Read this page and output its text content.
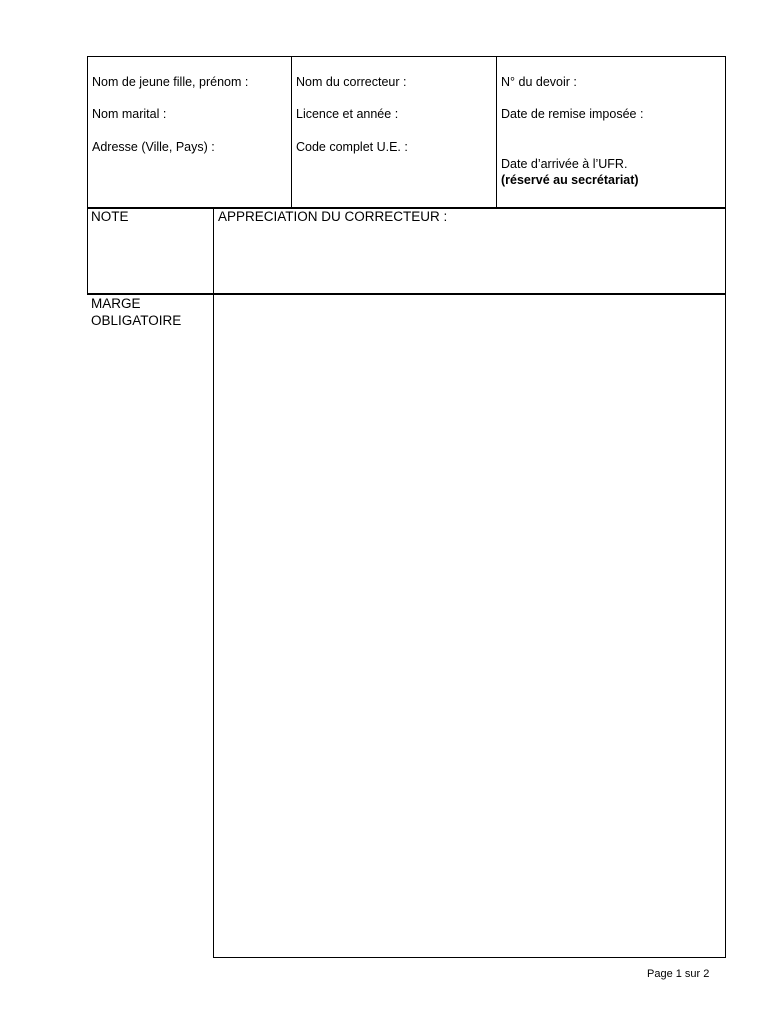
Nom de jeune fille, prénom :
Nom marital :
Adresse (Ville, Pays) :
Nom du correcteur :
Licence et année :
Code complet U.E. :
N° du devoir :
Date de remise imposée :
Date d’arrivée à l’UFR.
(réservé au secrétariat)
NOTE	APPRECIATION DU CORRECTEUR :
MARGE
OBLIGATOIRE
Page 1 sur 2
